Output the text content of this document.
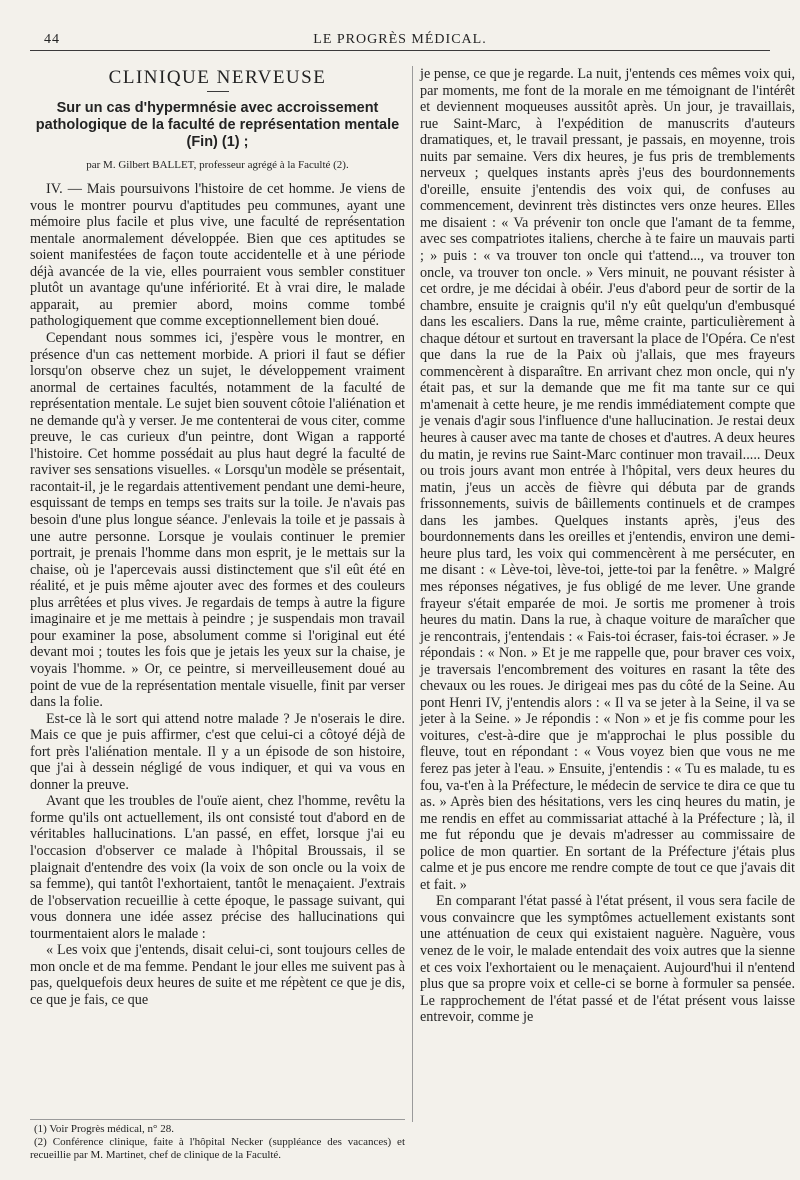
44	LE PROGRÈS MÉDICAL.
CLINIQUE NERVEUSE
Sur un cas d'hypermnésie avec accroissement pathologique de la faculté de représentation mentale (Fin) (1) ;
par M. Gilbert BALLET, professeur agrégé à la Faculté (2).

IV. — Mais poursuivons l'histoire de cet homme. Je viens de vous le montrer pourvu d'aptitudes peu communes, ayant une mémoire plus facile et plus vive, une faculté de représentation mentale anormalement développée. Bien que ces aptitudes se soient manifestées de façon toute accidentelle et à une période déjà avancée de la vie, elles pourraient vous sembler constituer plutôt un avantage qu'une infériorité. Et à vrai dire, le malade apparait, au premier abord, moins comme tombé pathologiquement que comme exceptionnellement bien doué.

Cependant nous sommes ici, j'espère vous le montrer, en présence d'un cas nettement morbide. A priori il faut se défier lorsqu'on observe chez un sujet, le développement vraiment anormal de certaines facultés, notamment de la faculté de représentation mentale. Le sujet bien souvent côtoie l'aliénation et ne demande qu'à y verser. Je me contenterai de vous citer, comme preuve, le cas curieux d'un peintre, dont Wigan a rapporté l'histoire. Cet homme possédait au plus haut degré la faculté de raviver ses sensations visuelles. « Lorsqu'un modèle se présentait, racontait-il, je le regardais attentivement pendant une demi-heure, esquissant de temps en temps ses traits sur la toile. Je n'avais pas besoin d'une plus longue séance. J'enlevais la toile et je passais à une autre personne. Lorsque je voulais continuer le premier portrait, je prenais l'homme dans mon esprit, je le mettais sur la chaise, où je l'apercevais aussi distinctement que s'il eût été en réalité, et je puis même ajouter avec des formes et des couleurs plus arrêtées et plus vives. Je regardais de temps à autre la figure imaginaire et je me mettais à peindre ; je suspendais mon travail pour examiner la pose, absolument comme si l'original eut été devant moi ; toutes les fois que je jetais les yeux sur la chaise, je voyais l'homme. » Or, ce peintre, si merveilleusement doué au point de vue de la représentation mentale visuelle, finit par verser dans la folie.

Est-ce là le sort qui attend notre malade ? Je n'oserais le dire. Mais ce que je puis affirmer, c'est que celui-ci a côtoyé déjà de fort près l'aliénation mentale. Il y a un épisode de son histoire, que j'ai à dessein négligé de vous indiquer, et qui va vous en donner la preuve.

Avant que les troubles de l'ouïe aient, chez l'homme, revêtu la forme qu'ils ont actuellement, ils ont consisté tout d'abord en de véritables hallucinations. L'an passé, en effet, lorsque j'ai eu l'occasion d'observer ce malade à l'hôpital Broussais, il se plaignait d'entendre des voix (la voix de son oncle ou la voix de sa femme), qui tantôt l'exhortaient, tantôt le menaçaient. J'extrais de l'observation recueillie à cette époque, le passage suivant, qui vous donnera une idée assez précise des hallucinations qui tourmentaient alors le malade :

« Les voix que j'entends, disait celui-ci, sont toujours celles de mon oncle et de ma femme. Pendant le jour elles me suivent pas à pas, quelquefois deux heures de suite et me répètent ce que je dis, ce que je fais, ce que

(1) Voir Progrès médical, n° 28.
(2) Conférence clinique, faite à l'hôpital Necker (suppléance des vacances) et recueillie par M. Martinet, chef de clinique de la Faculté.

je pense, ce que je regarde. La nuit, j'entends ces mêmes voix qui, par moments, me font de la morale en me témoignant de l'intérêt et deviennent moqueuses aussitôt après. Un jour, je travaillais, rue Saint-Marc, à l'expédition de manuscrits d'auteurs dramatiques, et, le travail pressant, je passais, en moyenne, trois nuits par semaine. Vers dix heures, je fus pris de tremblements nerveux ; quelques instants après j'eus des bourdonnements d'oreille, ensuite j'entendis des voix qui, de confuses au commencement, devinrent très distinctes vers onze heures. Elles me disaient : « Va prévenir ton oncle que l'amant de ta femme, avec ses compatriotes italiens, cherche à te faire un mauvais parti ; » puis : « va trouver ton oncle qui t'attend..., va trouver ton oncle, va trouver ton oncle. » Vers minuit, ne pouvant résister à cet ordre, je me décidai à obéir. J'eus d'abord peur de sortir de la chambre, ensuite je craignis qu'il n'y eût quelqu'un d'embusqué dans les escaliers. Dans la rue, même crainte, particulièrement à chaque détour et surtout en traversant la place de l'Opéra. Ce n'est que dans la rue de la Paix où j'allais, que mes frayeurs commencèrent à disparaître. En arrivant chez mon oncle, qui n'y était pas, et sur la demande que me fit ma tante sur ce qui m'amenait à cette heure, je me rendis immédiatement compte que je venais d'agir sous l'influence d'une hallucination. Je restai deux heures à causer avec ma tante de choses et d'autres. A deux heures du matin, je revins rue Saint-Marc continuer mon travail..... Deux ou trois jours avant mon entrée à l'hôpital, vers deux heures du matin, j'eus un accès de fièvre qui débuta par de grands frissonnements, suivis de bâillements continuels et de crampes dans les jambes. Quelques instants après, j'eus des bourdonnements dans les oreilles et j'entendis, environ une demi-heure plus tard, les voix qui commencèrent à me persécuter, en me disant : « Lève-toi, lève-toi, jette-toi par la fenêtre. » Malgré mes réponses négatives, je fus obligé de me lever. Une grande frayeur s'était emparée de moi. Je sortis me promener à trois heures du matin. Dans la rue, à chaque voiture de maraîcher que je rencontrais, j'entendais : « Fais-toi écraser, fais-toi écraser. » Je répondais : « Non. » Et je me rappelle que, pour braver ces voix, je traversais l'encombrement des voitures en rasant la tête des chevaux ou les roues. Je dirigeai mes pas du côté de la Seine. Au pont Henri IV, j'entendis alors : « Il va se jeter à la Seine, il va se jeter à la Seine. » Je répondis : « Non » et je fis comme pour les voitures, c'est-à-dire que je m'approchai le plus possible du fleuve, tout en répondant : « Vous voyez bien que vous ne me ferez pas jeter à l'eau. » Ensuite, j'entendis : « Tu es malade, tu es fou, va-t'en à la Préfecture, le médecin de service te dira ce que tu as. » Après bien des hésitations, vers les cinq heures du matin, je me rendis en effet au commissariat attaché à la Préfecture ; là, il me fut répondu que je devais m'adresser au commissaire de police de mon quartier. En sortant de la Préfecture j'étais plus calme et je pus encore me rendre compte de tout ce que j'avais dit et fait. »

En comparant l'état passé à l'état présent, il vous sera facile de vous convaincre que les symptômes actuellement existants sont une atténuation de ceux qui existaient naguère. Naguère, vous venez de le voir, le malade entendait des voix autres que la sienne et ces voix l'exhortaient ou le menaçaient. Aujourd'hui il n'entend plus que sa propre voix et celle-ci se borne à formuler sa pensée. Le rapprochement de l'état passé et de l'état présent vous laisse entrevoir, comme je
